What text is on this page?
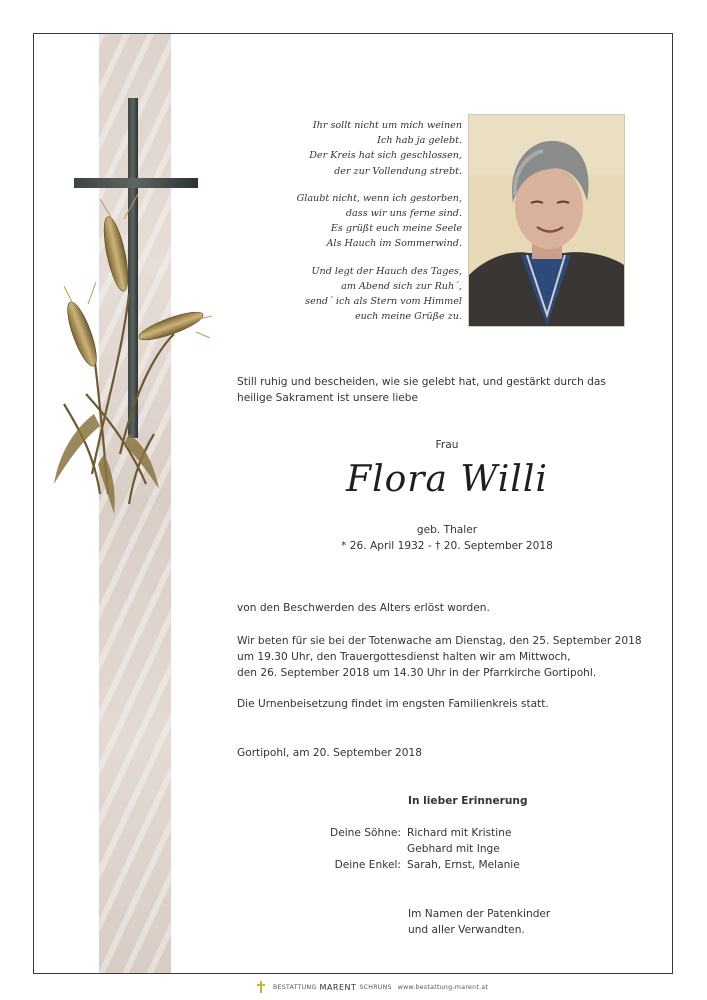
Ihr sollt nicht um mich weinen
Ich hab ja gelebt.
Der Kreis hat sich geschlossen,
der zur Vollendung strebt.
Glaubt nicht, wenn ich gestorben,
dass wir uns ferne sind.
Es grüßt euch meine Seele
Als Hauch im Sommerwind.
Und legt der Hauch des Tages,
am Abend sich zur Ruh´,
send´ ich als Stern vom Himmel
euch meine Grüße zu.
Still ruhig und bescheiden, wie sie gelebt hat, und gestärkt durch das
heilige Sakrament ist unsere liebe
Frau
Flora Willi
geb. Thaler
* 26. April 1932 - † 20. September 2018
von den Beschwerden des Alters erlöst worden.
Wir beten für sie bei der Totenwache am Dienstag, den 25. September 2018
um 19.30 Uhr, den Trauergottesdienst halten wir am Mittwoch,
den 26. September 2018 um 14.30 Uhr in der Pfarrkirche Gortipohl.
Die Urnenbeisetzung findet im engsten Familienkreis statt.
Gortipohl, am 20. September 2018
In lieber Erinnerung
Deine Söhne: Richard mit Kristine
Gebhard mit Inge
Deine Enkel: Sarah, Ernst, Melanie
Im Namen der Patenkinder
und aller Verwandten.
BESTATTUNG MARENT SCHRUNS www.bestattung-marent.at
